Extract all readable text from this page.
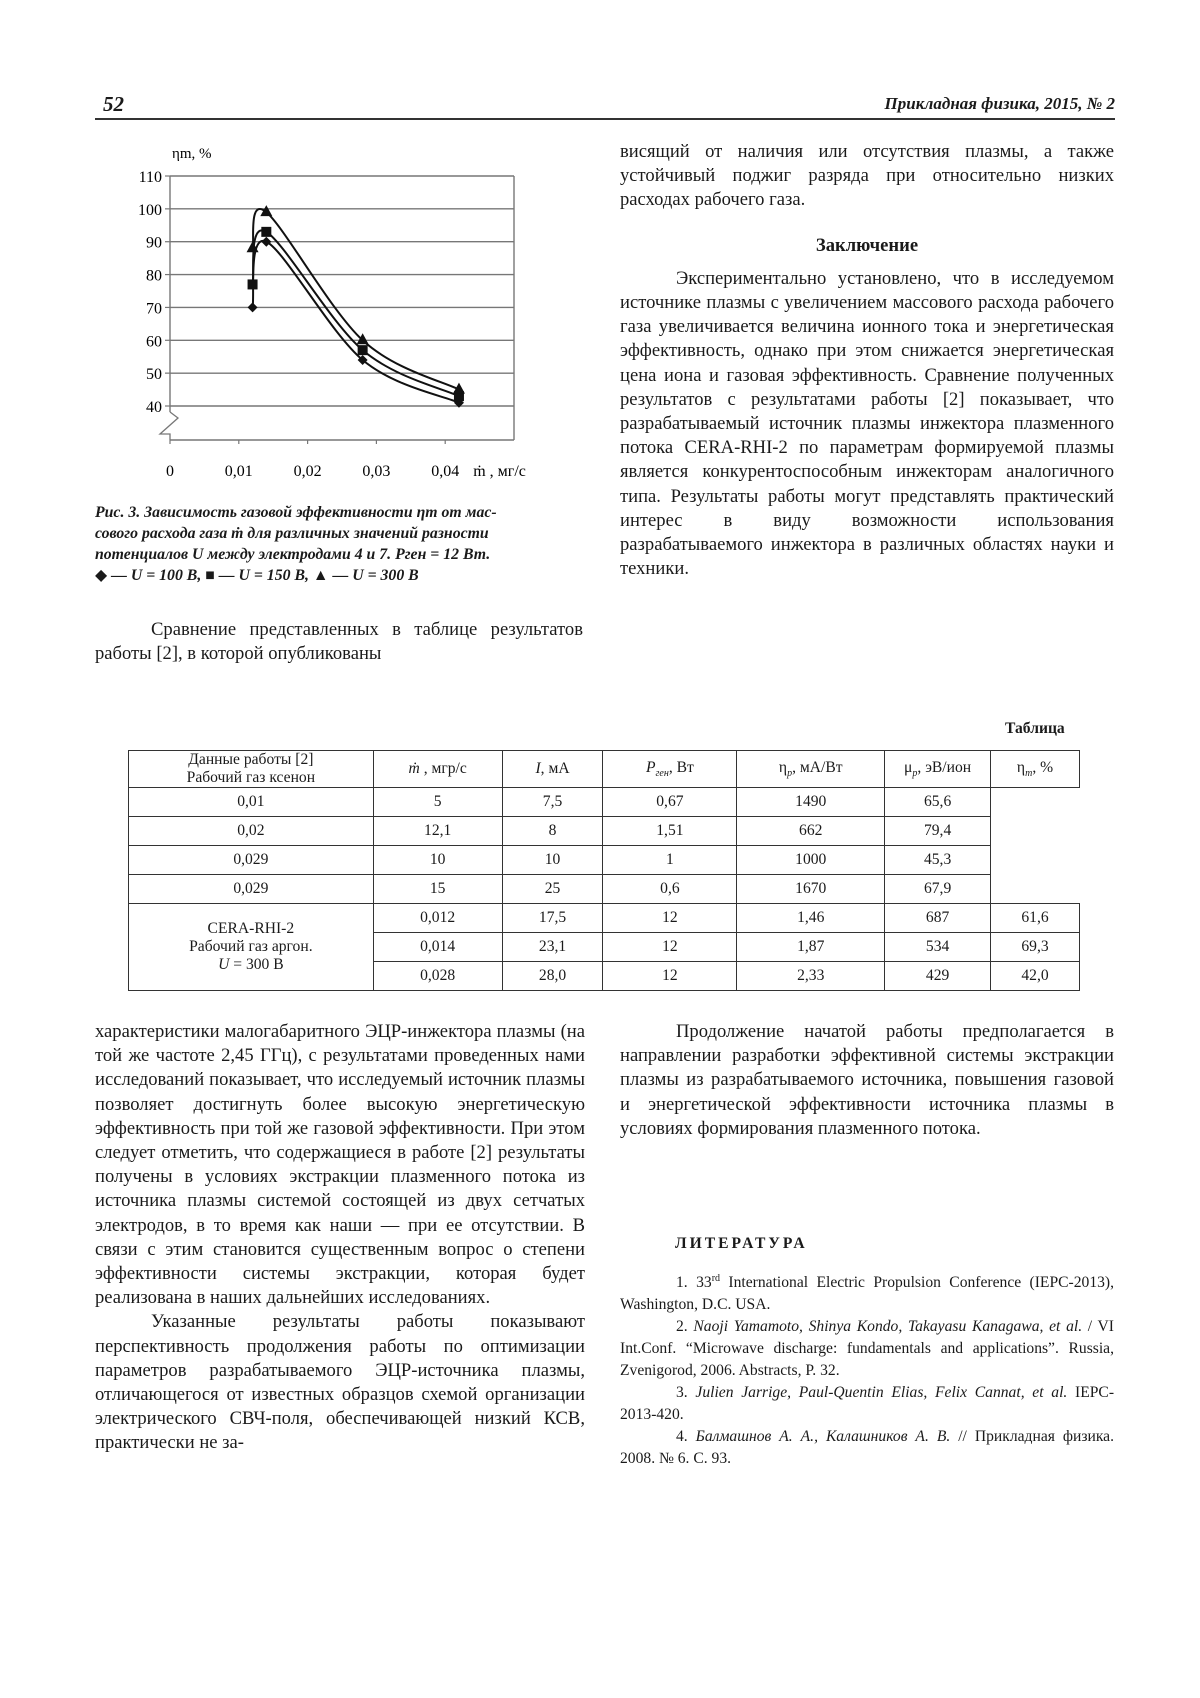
52	Прикладная физика, 2015, № 2
ηm, %
40
50
60
70
80
90
100
110
0	0,01	0,02	0,03	0,04 ṁ , мг/с

Рис. 3. Зависимость газовой эффективности ηm от мас-

сового расхода газа ṁ для различных значений разности

потенциалов U между электродами 4 и 7. Pген = 12 Вт.

◆ — U = 100 В, ■ — U = 150 В, ▲ — U = 300 В

Сравнение представленных в таблице результатов работы [2], в которой опубликованы

висящий от наличия или отсутствия плазмы, а также устойчивый поджиг разряда при относительно низких расходах рабочего газа.

Заключение

Экспериментально установлено, что в исследуемом источнике плазмы с увеличением массового расхода рабочего газа увеличивается величина ионного тока и энергетическая эффективность, однако при этом снижается энергетическая цена иона и газовая эффективность. Сравнение полученных результатов с результатами работы [2] показывает, что разрабатываемый источник плазмы инжектора плазменного потока CERA-RHI-2 по параметрам формируемой плазмы является конкурентоспособным инжекторам аналогичного типа. Результаты работы могут представлять практический интерес в виду возможности использования разрабатываемого инжектора в различных областях науки и техники.

Таблица
Данные работы [2]
Рабочий газ ксенон	ṁ , мгр/с	I, мА	$P_{ген}$, Вт	$\eta_p$, мА/Вт	$\mu_p$, эВ/ион	$\eta_m$, %
0,01	5	7,5	0,67	1490	65,6	
0,02	12,1	8	1,51	662	79,4	
0,029	10	10	1	1000	45,3	
0,029	15	25	0,6	1670	67,9	

CERA-RHI-2
Рабочий газ аргон.
U = 300 В	0,012	17,5	12	1,46	687	61,6
	0,014	23,1	12	1,87	534	69,3
	0,028	28,0	12	2,33	429	42,0

характеристики малогабаритного ЭЦР-инжектора плазмы (на той же частоте 2,45 ГГц), с результатами проведенных нами исследований показывает, что исследуемый источник плазмы позволяет достигнуть более высокую энергетическую эффективность при той же газовой эффективности. При этом следует отметить, что содержащиеся в работе [2] результаты получены в условиях экстракции плазменного потока из источника плазмы системой состоящей из двух сетчатых электродов, в то время как наши — при ее отсутствии. В связи с этим становится существенным вопрос о степени эффективности системы экстракции, которая будет реализована в наших дальнейших исследованиях.

Указанные результаты работы показывают перспективность продолжения работы по оптимизации параметров разрабатываемого ЭЦР-источника плазмы, отличающегося от известных образцов схемой организации электрического СВЧ-поля, обеспечивающей низкий КСВ, практически не за-

Продолжение начатой работы предполагается в направлении разработки эффективной системы экстракции плазмы из разрабатываемого источника, повышения газовой и энергетической эффективности источника плазмы в условиях формирования плазменного потока.

ЛИТЕРАТУРА

1. 33rd International Electric Propulsion Conference (IEPC-2013), Washington, D.C. USA.

2. Naoji Yamamoto, Shinya Kondo, Takayasu Kanagawa, et al. / VI Int.Conf. “Microwave discharge: fundamentals and applications”. Russia, Zvenigorod, 2006. Abstracts, P. 32.

3. Julien Jarrige, Paul-Quentin Elias, Felix Cannat, et al. IEPC-2013-420.

4. Балмашнов А. А., Калашников А. В. // Прикладная физика. 2008. № 6. С. 93.
